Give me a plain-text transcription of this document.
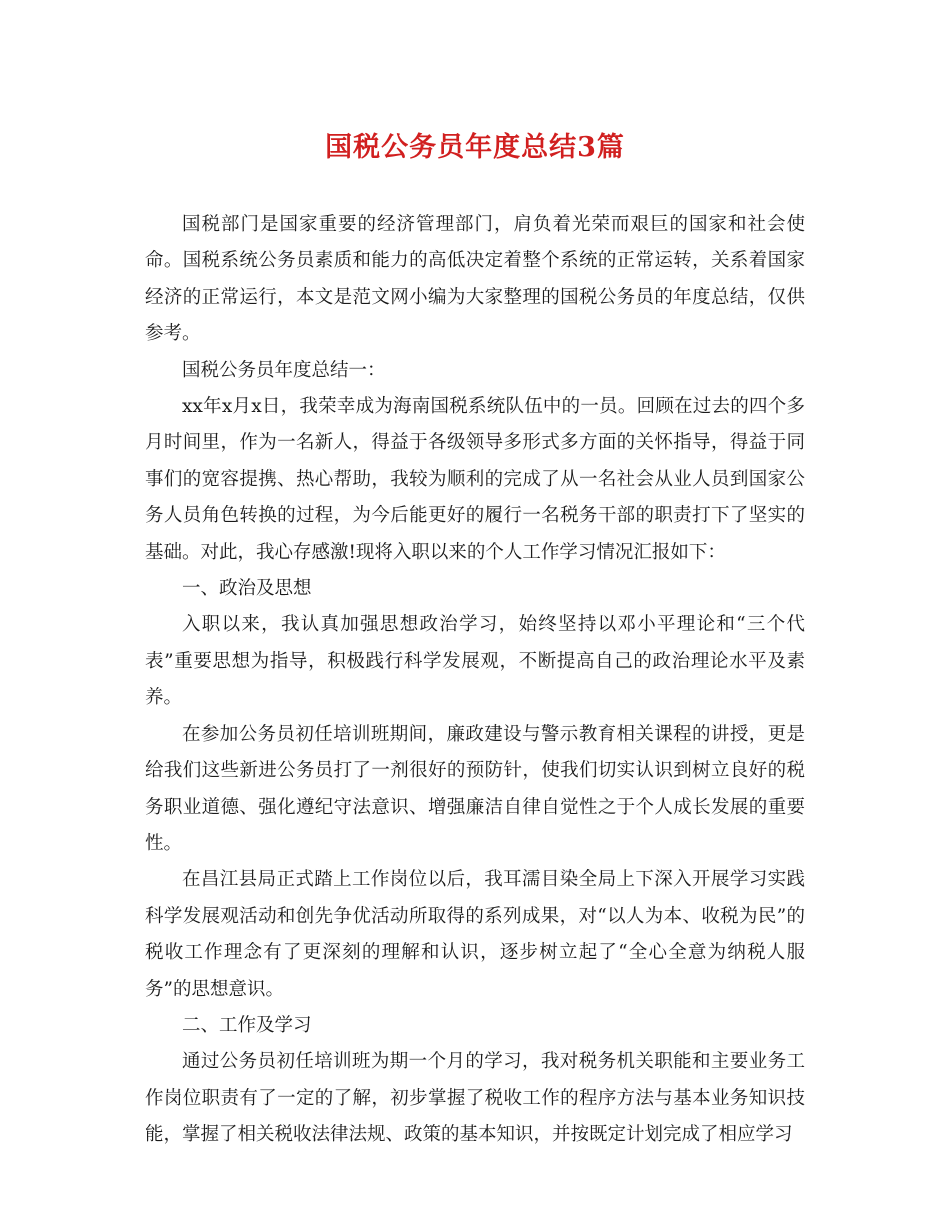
国税公务员年度总结3篇

国税部门是国家重要的经济管理部门，肩负着光荣而艰巨的国家和社会使命。国税系统公务员素质和能力的高低决定着整个系统的正常运转，关系着国家经济的正常运行，本文是范文网小编为大家整理的国税公务员的年度总结，仅供参考。

国税公务员年度总结一：

xx年x月x日，我荣幸成为海南国税系统队伍中的一员。回顾在过去的四个多月时间里，作为一名新人，得益于各级领导多形式多方面的关怀指导，得益于同事们的宽容提携、热心帮助，我较为顺利的完成了从一名社会从业人员到国家公务人员角色转换的过程，为今后能更好的履行一名税务干部的职责打下了坚实的基础。对此，我心存感激!现将入职以来的个人工作学习情况汇报如下：

一、政治及思想

入职以来，我认真加强思想政治学习，始终坚持以邓小平理论和“三个代表”重要思想为指导，积极践行科学发展观，不断提高自己的政治理论水平及素养。

在参加公务员初任培训班期间，廉政建设与警示教育相关课程的讲授，更是给我们这些新进公务员打了一剂很好的预防针，使我们切实认识到树立良好的税务职业道德、强化遵纪守法意识、增强廉洁自律自觉性之于个人成长发展的重要性。

在昌江县局正式踏上工作岗位以后，我耳濡目染全局上下深入开展学习实践科学发展观活动和创先争优活动所取得的系列成果，对“以人为本、收税为民”的税收工作理念有了更深刻的理解和认识，逐步树立起了“全心全意为纳税人服务”的思想意识。

二、工作及学习

通过公务员初任培训班为期一个月的学习，我对税务机关职能和主要业务工作岗位职责有了一定的了解，初步掌握了税收工作的程序方法与基本业务知识技能，掌握了相关税收法律法规、政策的基本知识，并按既定计划完成了相应学习
